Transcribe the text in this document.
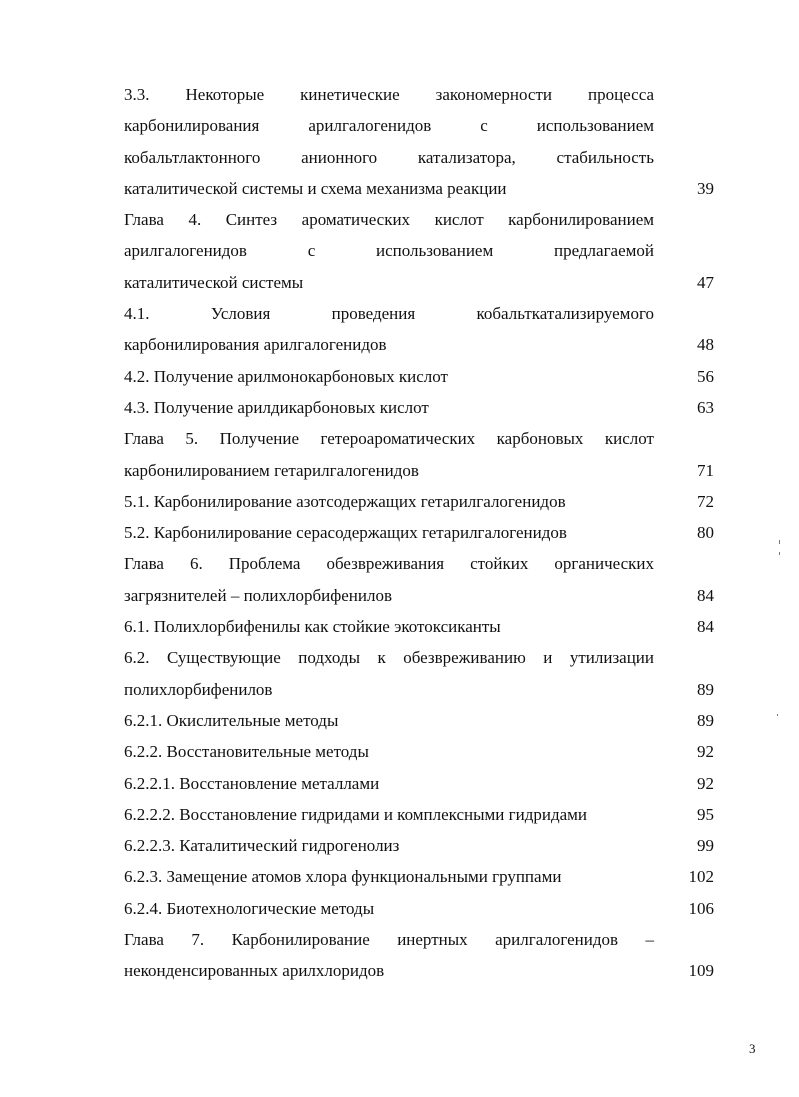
3.3. Некоторые кинетические закономерности процесса
карбонилирования арилгалогенидов с использованием
кобальтлактонного анионного катализатора, стабильность
каталитической системы и схема механизма реакции	39
Глава 4. Синтез ароматических кислот карбонилированием
арилгалогенидов с использованием предлагаемой
каталитической системы	47
4.1. Условия проведения кобальткатализируемого
карбонилирования арилгалогенидов	48
4.2. Получение арилмонокарбоновых кислот	56
4.3. Получение арилдикарбоновых кислот	63
Глава 5. Получение гетероароматических карбоновых кислот
карбонилированием гетарилгалогенидов	71
5.1. Карбонилирование азотсодержащих гетарилгалогенидов	72
5.2. Карбонилирование серасодержащих гетарилгалогенидов	80
Глава 6. Проблема обезвреживания стойких органических
загрязнителей – полихлорбифенилов	84
6.1. Полихлорбифенилы как стойкие экотоксиканты	84
6.2. Существующие подходы к обезвреживанию и утилизации
полихлорбифенилов	89
6.2.1. Окислительные методы	89
6.2.2. Восстановительные методы	92
6.2.2.1. Восстановление металлами	92
6.2.2.2. Восстановление гидридами и комплексными гидридами	95
6.2.2.3. Каталитический гидрогенолиз	99
6.2.3. Замещение атомов хлора функциональными группами	102
6.2.4. Биотехнологические методы	106
Глава 7. Карбонилирование инертных арилгалогенидов –
неконденсированных арилхлоридов	109
3
